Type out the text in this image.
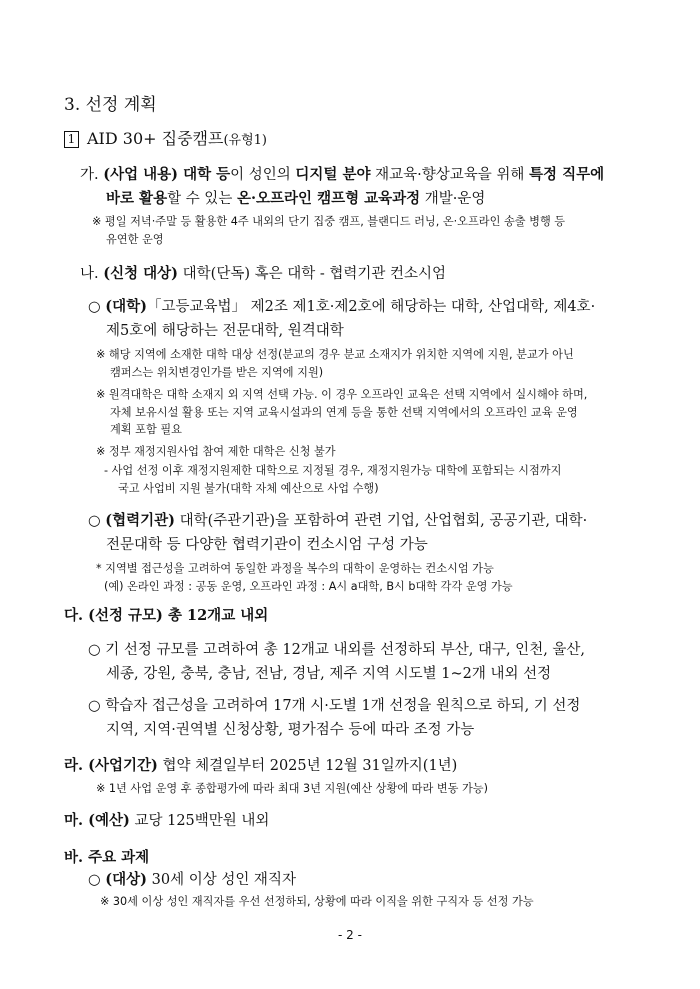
3. 선정 계획
1 AID 30+ 집중캠프(유형1)
가. (사업 내용) 대학 등이 성인의 디지털 분야 재교육·향상교육을 위해 특정 직무에
바로 활용할 수 있는 온·오프라인 캠프형 교육과정 개발·운영
※ 평일 저녁·주말 등 활용한 4주 내외의 단기 집중 캠프, 블랜디드 러닝, 온·오프라인 송출 병행 등
유연한 운영
나. (신청 대상) 대학(단독) 혹은 대학 - 협력기관 컨소시엄
○ (대학)「고등교육법」 제2조 제1호·제2호에 해당하는 대학, 산업대학, 제4호·
제5호에 해당하는 전문대학, 원격대학
※ 해당 지역에 소재한 대학 대상 선정(분교의 경우 분교 소재지가 위치한 지역에 지원, 분교가 아닌
캠퍼스는 위치변경인가를 받은 지역에 지원)
※ 원격대학은 대학 소재지 외 지역 선택 가능. 이 경우 오프라인 교육은 선택 지역에서 실시해야 하며,
자체 보유시설 활용 또는 지역 교육시설과의 연계 등을 통한 선택 지역에서의 오프라인 교육 운영
계획 포함 필요
※ 정부 재정지원사업 참여 제한 대학은 신청 불가
- 사업 선정 이후 재정지원제한 대학으로 지정될 경우, 재정지원가능 대학에 포함되는 시점까지
국고 사업비 지원 불가(대학 자체 예산으로 사업 수행)
○ (협력기관) 대학(주관기관)을 포함하여 관련 기업, 산업협회, 공공기관, 대학·
전문대학 등 다양한 협력기관이 컨소시엄 구성 가능
* 지역별 접근성을 고려하여 동일한 과정을 복수의 대학이 운영하는 컨소시엄 가능
(예) 온라인 과정 : 공동 운영, 오프라인 과정 : A시 a대학, B시 b대학 각각 운영 가능
다. (선정 규모) 총 12개교 내외
○ 기 선정 규모를 고려하여 총 12개교 내외를 선정하되 부산, 대구, 인천, 울산,
세종, 강원, 충북, 충남, 전남, 경남, 제주 지역 시도별 1~2개 내외 선정
○ 학습자 접근성을 고려하여 17개 시·도별 1개 선정을 원칙으로 하되, 기 선정
지역, 지역·권역별 신청상황, 평가점수 등에 따라 조정 가능
라. (사업기간) 협약 체결일부터 2025년 12월 31일까지(1년)
※ 1년 사업 운영 후 종합평가에 따라 최대 3년 지원(예산 상황에 따라 변동 가능)
마. (예산) 교당 125백만원 내외
바. 주요 과제
○ (대상) 30세 이상 성인 재직자
※ 30세 이상 성인 재직자를 우선 선정하되, 상황에 따라 이직을 위한 구직자 등 선정 가능
- 2 -
